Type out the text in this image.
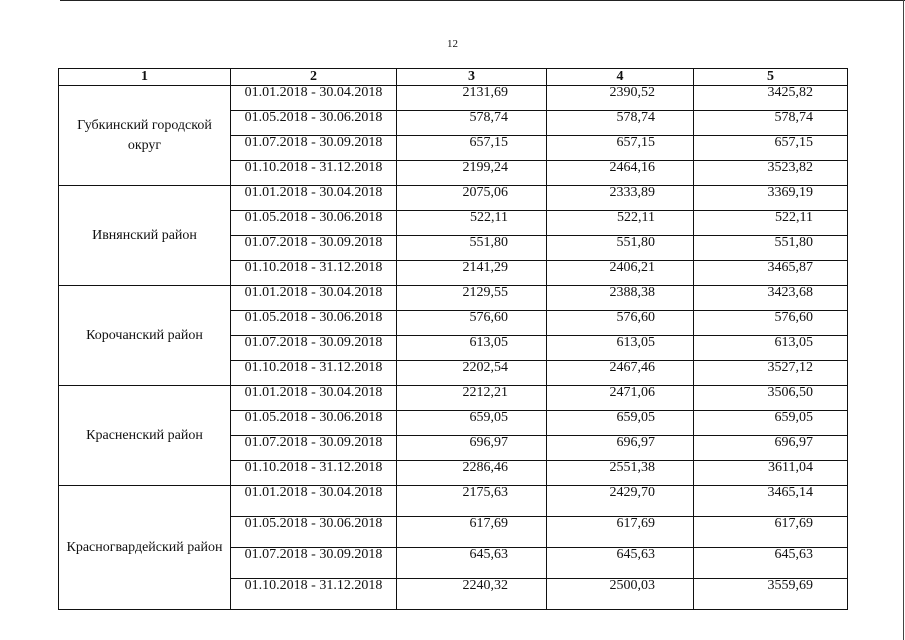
12
1	2	3	4	5
Губкинский городской округ	01.01.2018 - 30.04.2018	2131,69	2390,52	3425,82
	01.05.2018 - 30.06.2018	578,74	578,74	578,74
	01.07.2018 - 30.09.2018	657,15	657,15	657,15
	01.10.2018 - 31.12.2018	2199,24	2464,16	3523,82
Ивнянский район	01.01.2018 - 30.04.2018	2075,06	2333,89	3369,19
	01.05.2018 - 30.06.2018	522,11	522,11	522,11
	01.07.2018 - 30.09.2018	551,80	551,80	551,80
	01.10.2018 - 31.12.2018	2141,29	2406,21	3465,87
Корочанский район	01.01.2018 - 30.04.2018	2129,55	2388,38	3423,68
	01.05.2018 - 30.06.2018	576,60	576,60	576,60
	01.07.2018 - 30.09.2018	613,05	613,05	613,05
	01.10.2018 - 31.12.2018	2202,54	2467,46	3527,12
Красненский район	01.01.2018 - 30.04.2018	2212,21	2471,06	3506,50
	01.05.2018 - 30.06.2018	659,05	659,05	659,05
	01.07.2018 - 30.09.2018	696,97	696,97	696,97
	01.10.2018 - 31.12.2018	2286,46	2551,38	3611,04
Красногвардейский район	01.01.2018 - 30.04.2018	2175,63	2429,70	3465,14
	01.05.2018 - 30.06.2018	617,69	617,69	617,69
	01.07.2018 - 30.09.2018	645,63	645,63	645,63
	01.10.2018 - 31.12.2018	2240,32	2500,03	3559,69
